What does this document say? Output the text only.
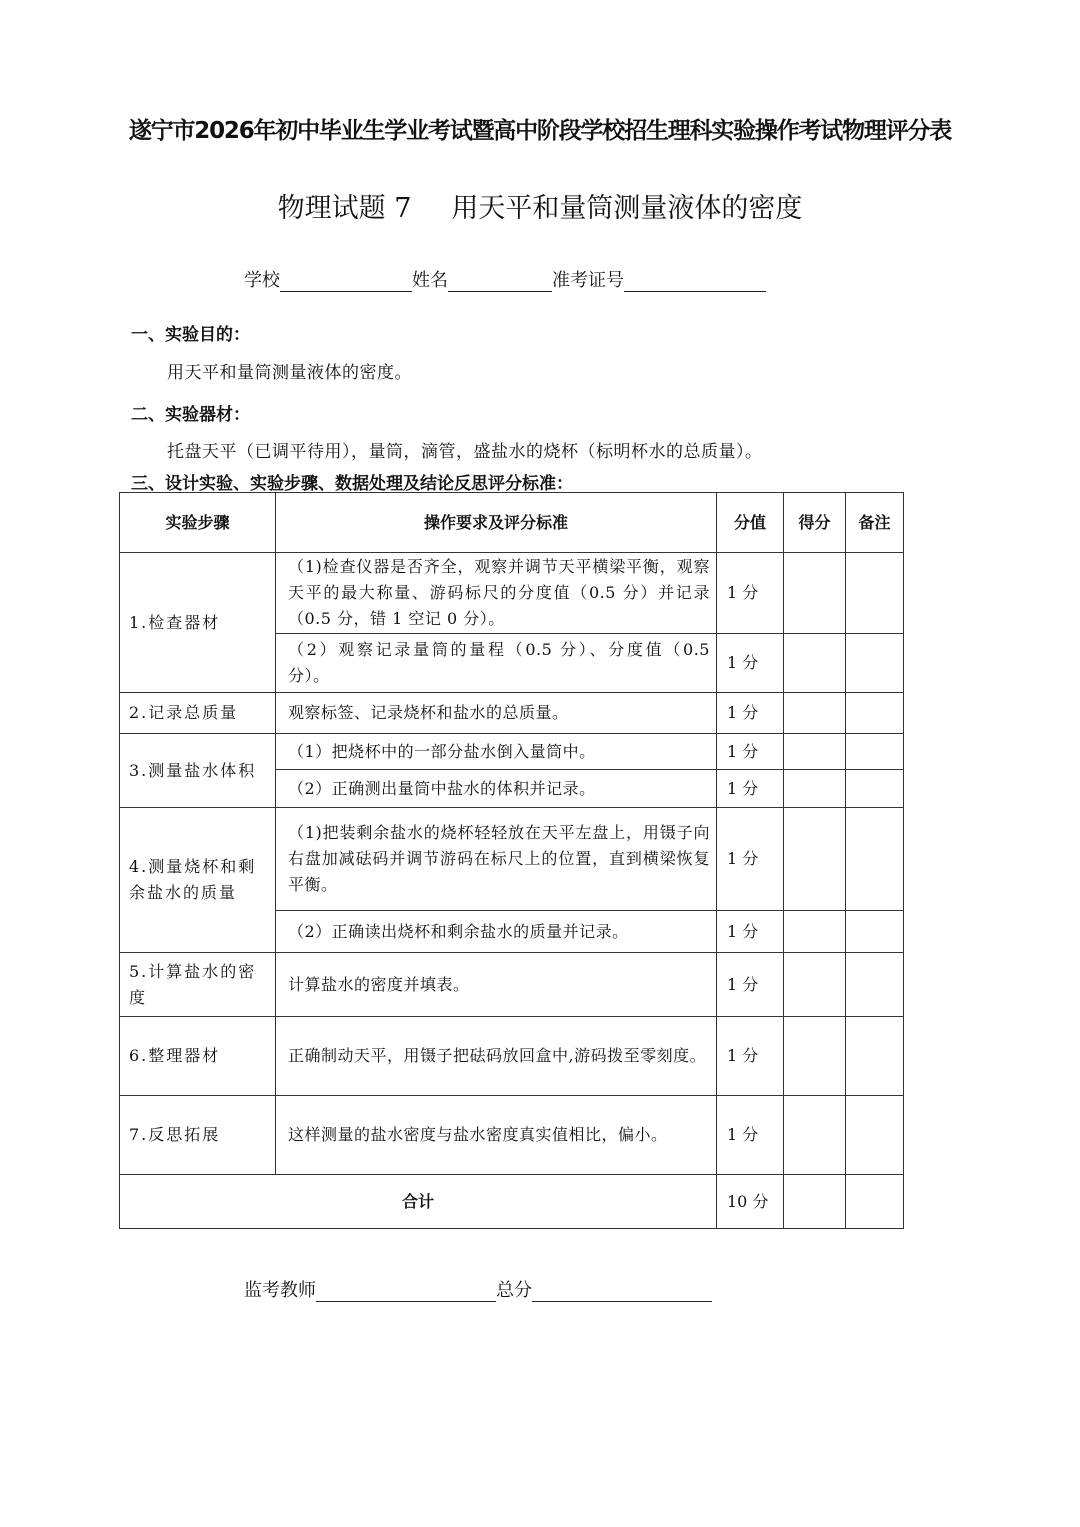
遂宁市2026年初中毕业生学业考试暨高中阶段学校招生理科实验操作考试物理评分表
物理试题 7 用天平和量筒测量液体的密度
学校	姓名	准考证号
一、实验目的：
用天平和量筒测量液体的密度。
二、实验器材：
托盘天平（已调平待用），量筒，滴管，盛盐水的烧杯（标明杯水的总质量）。
三、设计实验、实验步骤、数据处理及结论反思评分标准：
实验步骤	操作要求及评分标准	分值	得分	备注
1.检查器材	（1)检查仪器是否齐全，观察并调节天平横梁平衡，观察天平的最大称量、游码标尺的分度值（0.5 分）并记录（0.5 分，错 1 空记 0 分）。	1 分		
	（2）观察记录量筒的量程（0.5 分）、分度值（0.5 分）。	1 分		
2.记录总质量	观察标签、记录烧杯和盐水的总质量。	1 分		
3.测量盐水体积	（1）把烧杯中的一部分盐水倒入量筒中。	1 分		
	（2）正确测出量筒中盐水的体积并记录。	1 分		
4.测量烧杯和剩余盐水的质量	（1)把装剩余盐水的烧杯轻轻放在天平左盘上，用镊子向右盘加减砝码并调节游码在标尺上的位置，直到横梁恢复平衡。	1 分		
	（2）正确读出烧杯和剩余盐水的质量并记录。	1 分		
5.计算盐水的密度	计算盐水的密度并填表。	1 分		
6.整理器材	正确制动天平，用镊子把砝码放回盒中,游码拨至零刻度。	1 分		
7.反思拓展	这样测量的盐水密度与盐水密度真实值相比，偏小。	1 分		
合计		10 分		
监考教师	总分
